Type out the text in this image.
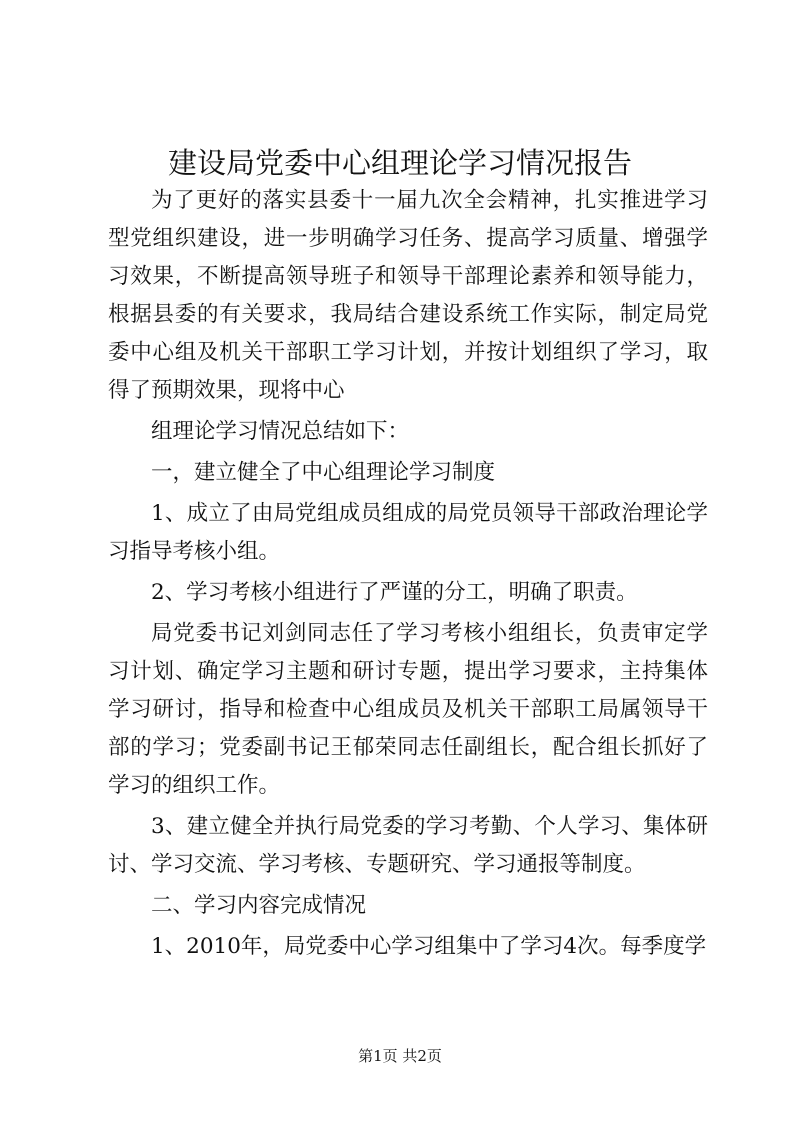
建设局党委中心组理论学习情况报告

为了更好的落实县委十一届九次全会精神，扎实推进学习型党组织建设，进一步明确学习任务、提高学习质量、增强学习效果，不断提高领导班子和领导干部理论素养和领导能力，根据县委的有关要求，我局结合建设系统工作实际，制定局党委中心组及机关干部职工学习计划，并按计划组织了学习，取得了预期效果，现将中心

组理论学习情况总结如下：

一，建立健全了中心组理论学习制度

1、成立了由局党组成员组成的局党员领导干部政治理论学习指导考核小组。

2、学习考核小组进行了严谨的分工，明确了职责。

局党委书记刘剑同志任了学习考核小组组长，负责审定学习计划、确定学习主题和研讨专题，提出学习要求，主持集体学习研讨，指导和检查中心组成员及机关干部职工局属领导干部的学习；党委副书记王郁荣同志任副组长，配合组长抓好了学习的组织工作。

3、建立健全并执行局党委的学习考勤、个人学习、集体研讨、学习交流、学习考核、专题研究、学习通报等制度。

二、学习内容完成情况

1、2010年，局党委中心学习组集中了学习4次。每季度学

第1页 共2页
